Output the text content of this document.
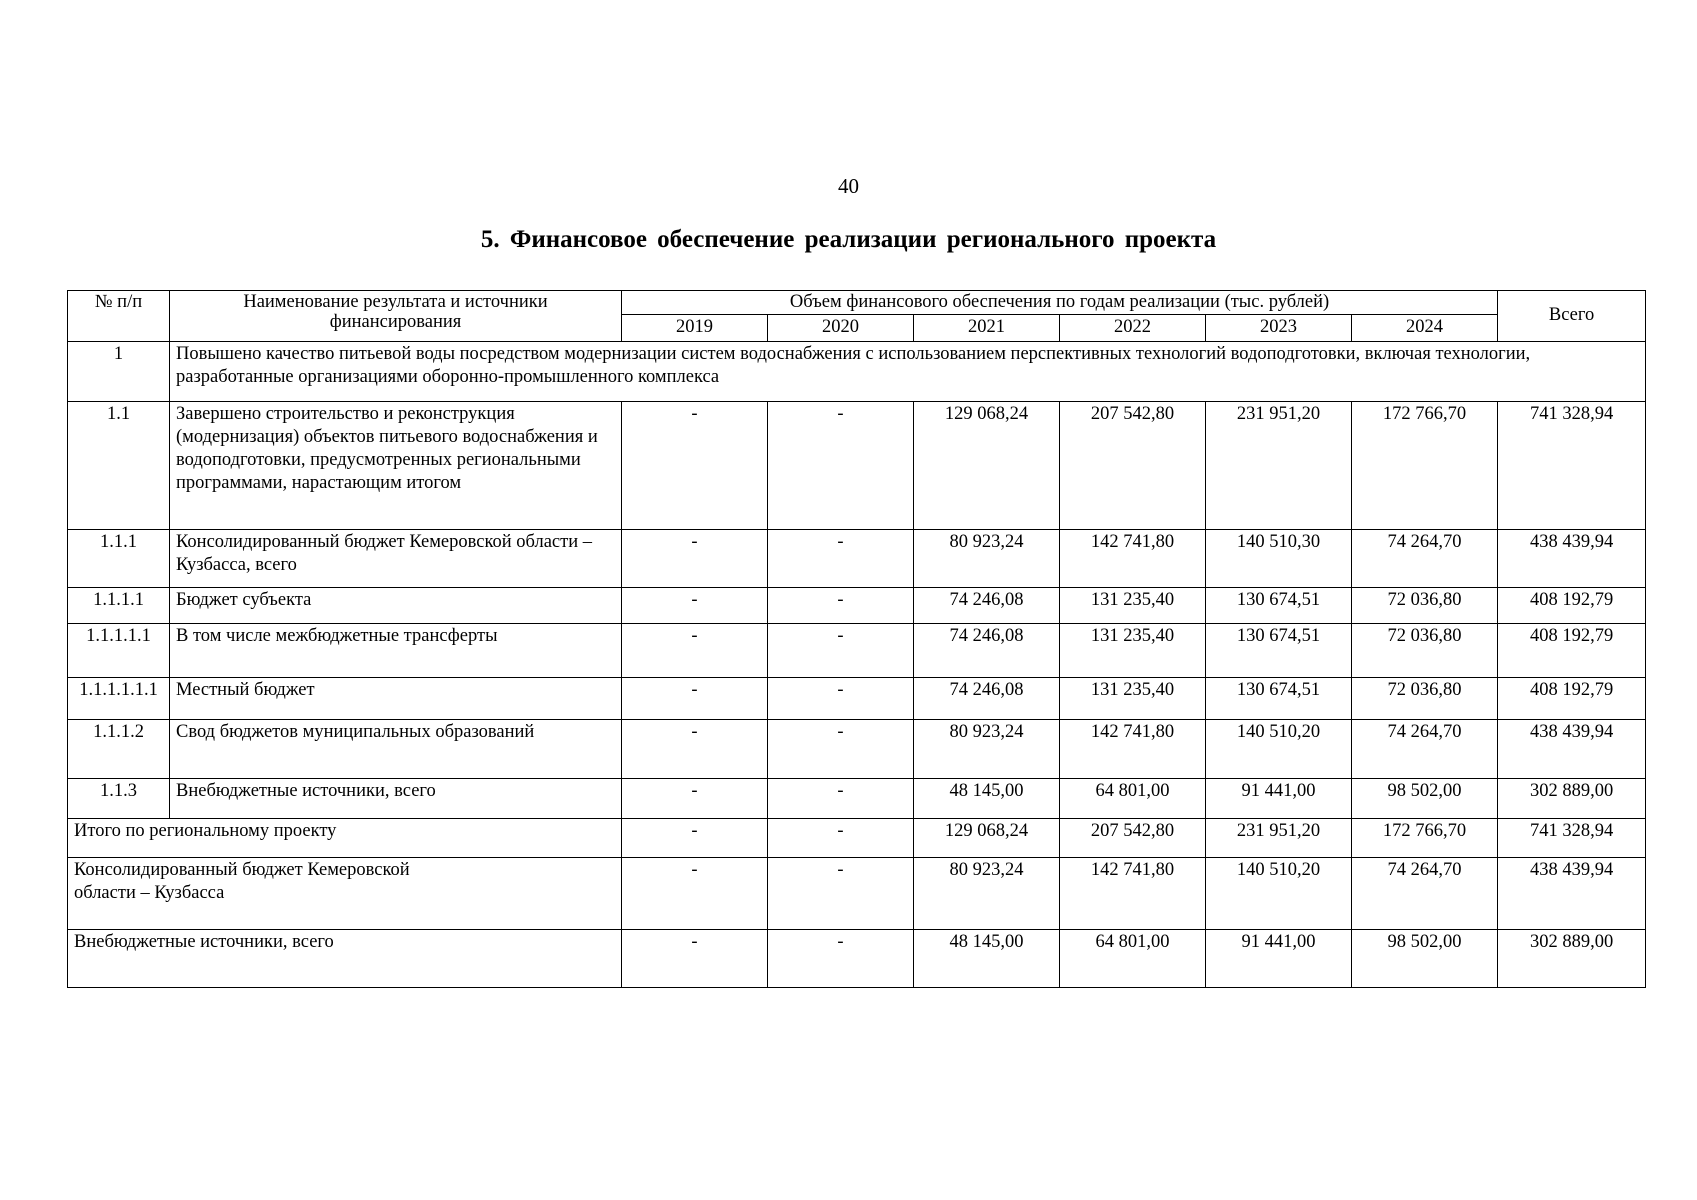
40
5. Финансовое обеспечение реализации регионального проекта
№ п/п	Наименование результата и источники финансирования	Объем финансового обеспечения по годам реализации (тыс. рублей)						Всего
		2019	2020	2021	2022	2023	2024	
1	Повышено качество питьевой воды посредством модернизации систем водоснабжения с использованием перспективных технологий водоподготовки, включая технологии, разработанные организациями оборонно-промышленного комплекса							
1.1	Завершено строительство и реконструкция (модернизация) объектов питьевого водоснабжения и водоподготовки, предусмотренных региональными программами, нарастающим итогом	-	-	129 068,24	207 542,80	231 951,20	172 766,70	741 328,94
1.1.1	Консолидированный бюджет Кемеровской области – Кузбасса, всего	-	-	80 923,24	142 741,80	140 510,30	74 264,70	438 439,94
1.1.1.1	Бюджет субъекта	-	-	74 246,08	131 235,40	130 674,51	72 036,80	408 192,79
1.1.1.1.1	В том числе межбюджетные трансферты	-	-	74 246,08	131 235,40	130 674,51	72 036,80	408 192,79
1.1.1.1.1.1	Местный бюджет	-	-	74 246,08	131 235,40	130 674,51	72 036,80	408 192,79
1.1.1.2	Свод бюджетов муниципальных образований	-	-	80 923,24	142 741,80	140 510,20	74 264,70	438 439,94
1.1.3	Внебюджетные источники, всего	-	-	48 145,00	64 801,00	91 441,00	98 502,00	302 889,00
Итого по региональному проекту		-	-	129 068,24	207 542,80	231 951,20	172 766,70	741 328,94
Консолидированный бюджет Кемеровской области – Кузбасса		-	-	80 923,24	142 741,80	140 510,20	74 264,70	438 439,94
Внебюджетные источники, всего		-	-	48 145,00	64 801,00	91 441,00	98 502,00	302 889,00
